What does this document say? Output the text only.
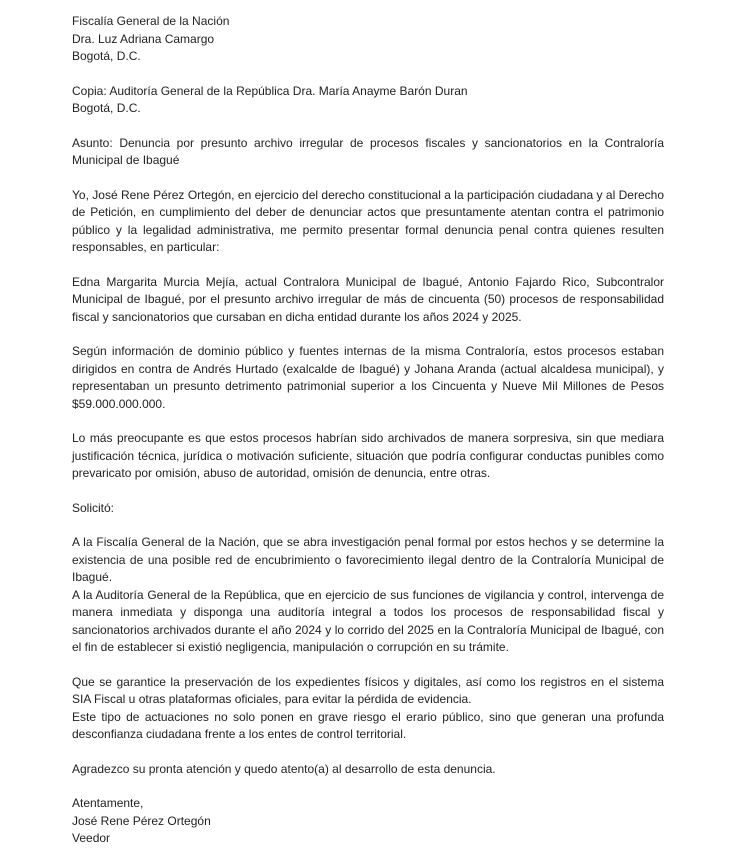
Fiscalía General de la Nación
Dra. Luz Adriana Camargo
Bogotá, D.C.
Copia: Auditoría General de la República Dra. María Anayme Barón Duran
Bogotá, D.C.
Asunto: Denuncia por presunto archivo irregular de procesos fiscales y sancionatorios en la Contraloría Municipal de Ibagué
Yo, José Rene Pérez Ortegón, en ejercicio del derecho constitucional a la participación ciudadana y al Derecho de Petición, en cumplimiento del deber de denunciar actos que presuntamente atentan contra el patrimonio público y la legalidad administrativa, me permito presentar formal denuncia penal contra quienes resulten responsables, en particular:
Edna Margarita Murcia Mejía, actual Contralora Municipal de Ibagué, Antonio Fajardo Rico, Subcontralor Municipal de Ibagué, por el presunto archivo irregular de más de cincuenta (50) procesos de responsabilidad fiscal y sancionatorios que cursaban en dicha entidad durante los años 2024 y 2025.
Según información de dominio público y fuentes internas de la misma Contraloría, estos procesos estaban dirigidos en contra de Andrés Hurtado (exalcalde de Ibagué) y Johana Aranda (actual alcaldesa municipal), y representaban un presunto detrimento patrimonial superior a los Cincuenta y Nueve Mil Millones de Pesos $59.000.000.000.
Lo más preocupante es que estos procesos habrían sido archivados de manera sorpresiva, sin que mediara justificación técnica, jurídica o motivación suficiente, situación que podría configurar conductas punibles como prevaricato por omisión, abuso de autoridad, omisión de denuncia, entre otras.
Solicitó:
A la Fiscalía General de la Nación, que se abra investigación penal formal por estos hechos y se determine la existencia de una posible red de encubrimiento o favorecimiento ilegal dentro de la Contraloría Municipal de Ibagué.
A la Auditoría General de la República, que en ejercicio de sus funciones de vigilancia y control, intervenga de manera inmediata y disponga una auditoría integral a todos los procesos de responsabilidad fiscal y sancionatorios archivados durante el año 2024 y lo corrido del 2025 en la Contraloría Municipal de Ibagué, con el fin de establecer si existió negligencia, manipulación o corrupción en su trámite.
Que se garantice la preservación de los expedientes físicos y digitales, así como los registros en el sistema SIA Fiscal u otras plataformas oficiales, para evitar la pérdida de evidencia.
Este tipo de actuaciones no solo ponen en grave riesgo el erario público, sino que generan una profunda desconfianza ciudadana frente a los entes de control territorial.
Agradezco su pronta atención y quedo atento(a) al desarrollo de esta denuncia.
Atentamente,
José Rene Pérez Ortegón
Veedor
